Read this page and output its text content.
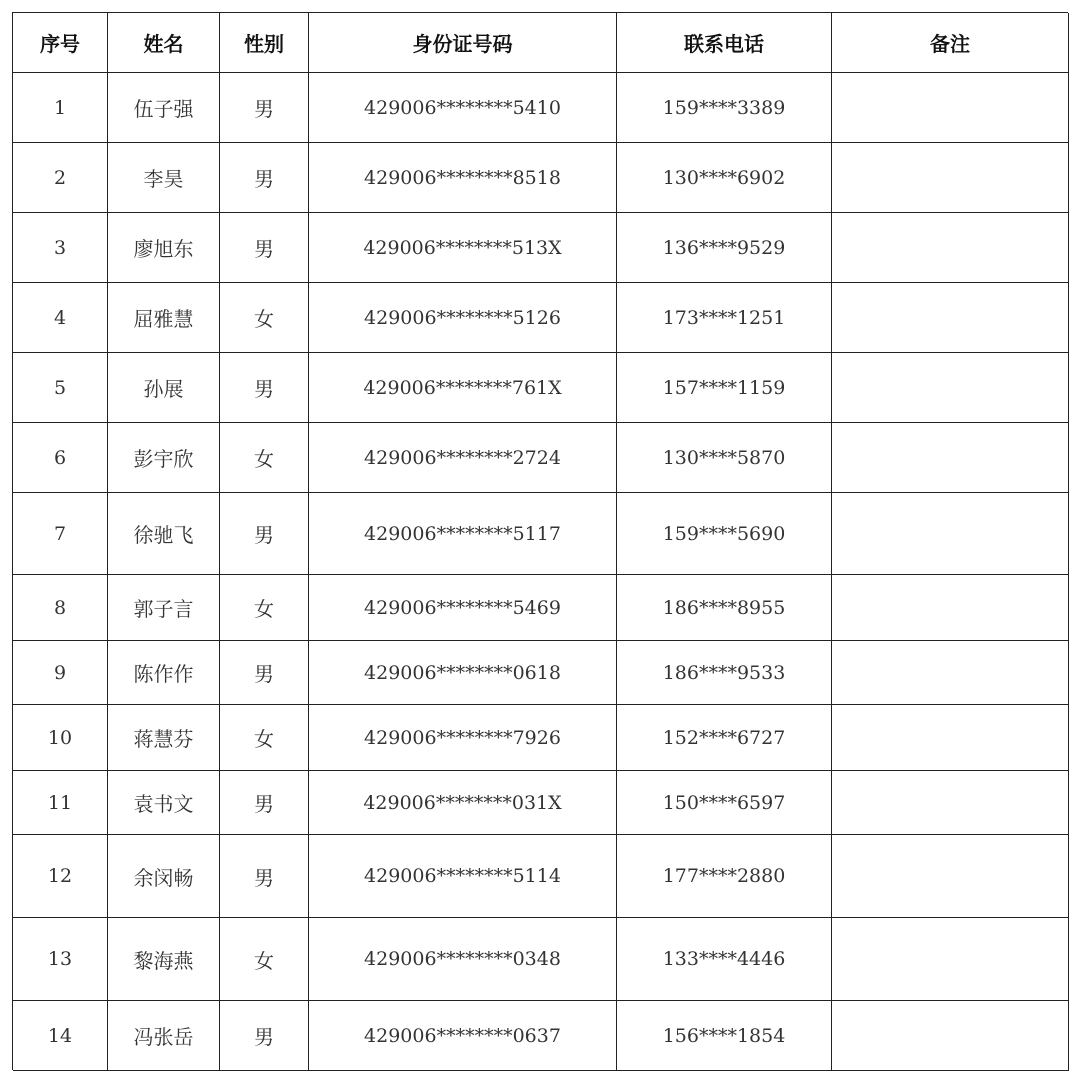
序号	姓名	性别	身份证号码	联系电话	备注
1	伍子强	男	429006********5410	159****3389
2	李昊	男	429006********8518	130****6902
3	廖旭东	男	429006********513X	136****9529
4	屈雅慧	女	429006********5126	173****1251
5	孙展	男	429006********761X	157****1159
6	彭宇欣	女	429006********2724	130****5870
7	徐驰飞	男	429006********5117	159****5690
8	郭子言	女	429006********5469	186****8955
9	陈作作	男	429006********0618	186****9533
10	蒋慧芬	女	429006********7926	152****6727
11	袁书文	男	429006********031X	150****6597
12	余闵畅	男	429006********5114	177****2880
13	黎海燕	女	429006********0348	133****4446
14	冯张岳	男	429006********0637	156****1854
